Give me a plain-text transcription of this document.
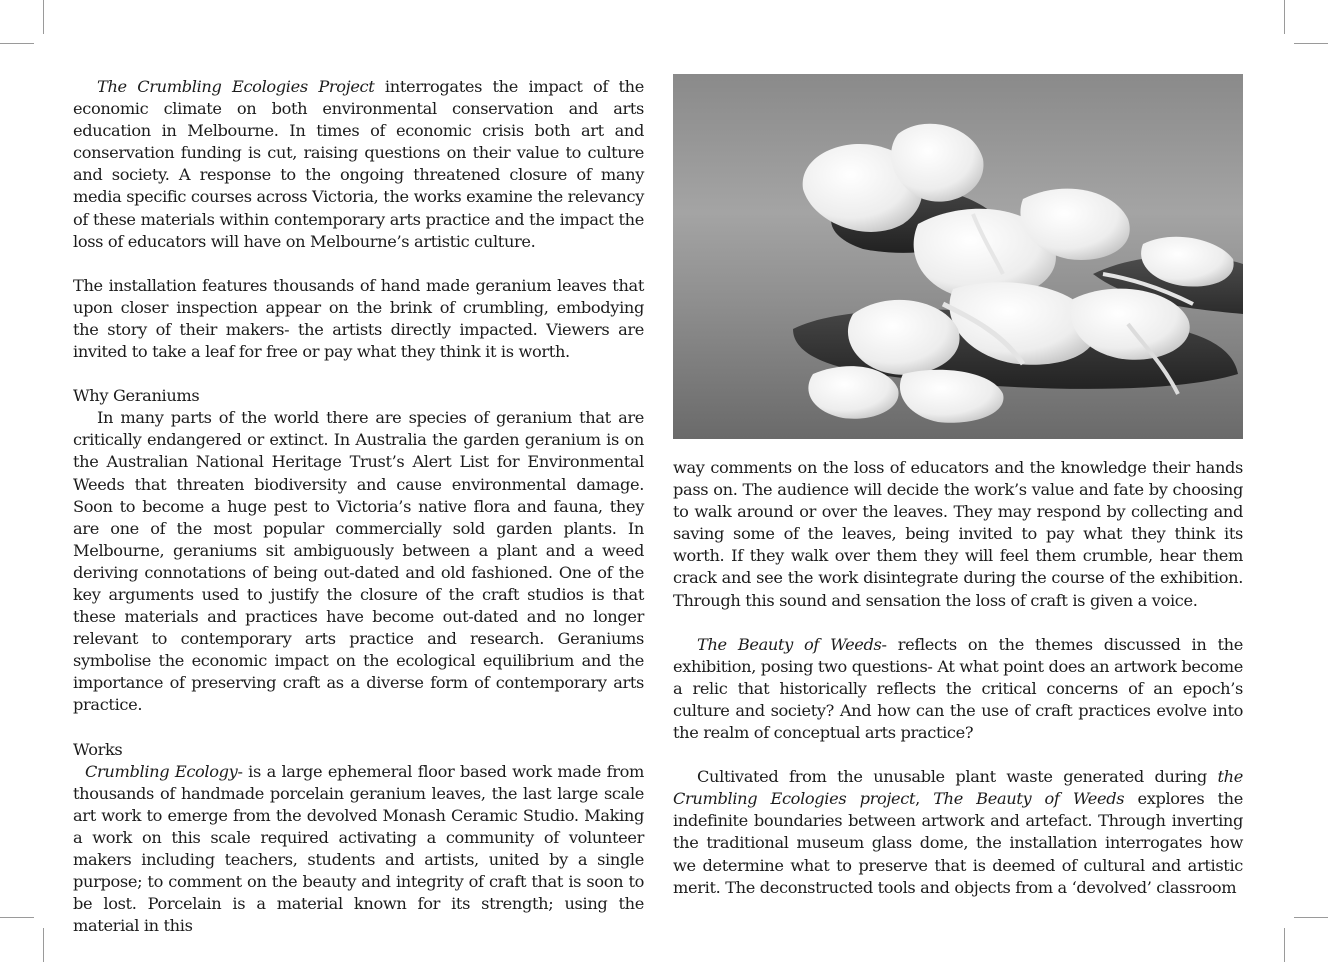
The Crumbling Ecologies Project interrogates the impact of the economic climate on both environmental conservation and arts education in Melbourne. In times of economic crisis both art and conservation funding is cut, raising questions on their value to culture and society. A response to the ongoing threatened closure of many media specific courses across Victoria, the works examine the relevancy of these materials within contemporary arts practice and the impact the loss of educators will have on Melbourne’s artistic culture.

The installation features thousands of hand made geranium leaves that upon closer inspection appear on the brink of crumbling, embodying the story of their makers- the artists directly impacted. Viewers are invited to take a leaf for free or pay what they think it is worth.

Why Geraniums

In many parts of the world there are species of geranium that are critically endangered or extinct. In Australia the garden geranium is on the Australian National Heritage Trust’s Alert List for Environmental Weeds that threaten biodiversity and cause environmental damage. Soon to become a huge pest to Victoria’s native flora and fauna, they are one of the most popular commercially sold garden plants. In Melbourne, geraniums sit ambiguously between a plant and a weed deriving connotations of being out-dated and old fashioned. One of the key arguments used to justify the closure of the craft studios is that these materials and practices have become out-dated and no longer relevant to contemporary arts practice and research. Geraniums symbolise the economic impact on the ecological equilibrium and the importance of preserving craft as a diverse form of contemporary arts practice.

Works

Crumbling Ecology- is a large ephemeral floor based work made from thousands of handmade porcelain geranium leaves, the last large scale art work to emerge from the devolved Monash Ceramic Studio. Making a work on this scale required activating a community of volunteer makers including teachers, students and artists, united by a single purpose; to comment on the beauty and integrity of craft that is soon to be lost. Porcelain is a material known for its strength; using the material in this

way comments on the loss of educators and the knowledge their hands pass on. The audience will decide the work’s value and fate by choosing to walk around or over the leaves. They may respond by collecting and saving some of the leaves, being invited to pay what they think its worth. If they walk over them they will feel them crumble, hear them crack and see the work disintegrate during the course of the exhibition. Through this sound and sensation the loss of craft is given a voice.

The Beauty of Weeds- reflects on the themes discussed in the exhibition, posing two questions- At what point does an artwork become a relic that historically reflects the critical concerns of an epoch’s culture and society? And how can the use of craft practices evolve into the realm of conceptual arts practice?

Cultivated from the unusable plant waste generated during the Crumbling Ecologies project, The Beauty of Weeds explores the indefinite boundaries between artwork and artefact. Through inverting the traditional museum glass dome, the installation interrogates how we determine what to preserve that is deemed of cultural and artistic merit. The deconstructed tools and objects from a ‘devolved’ classroom
